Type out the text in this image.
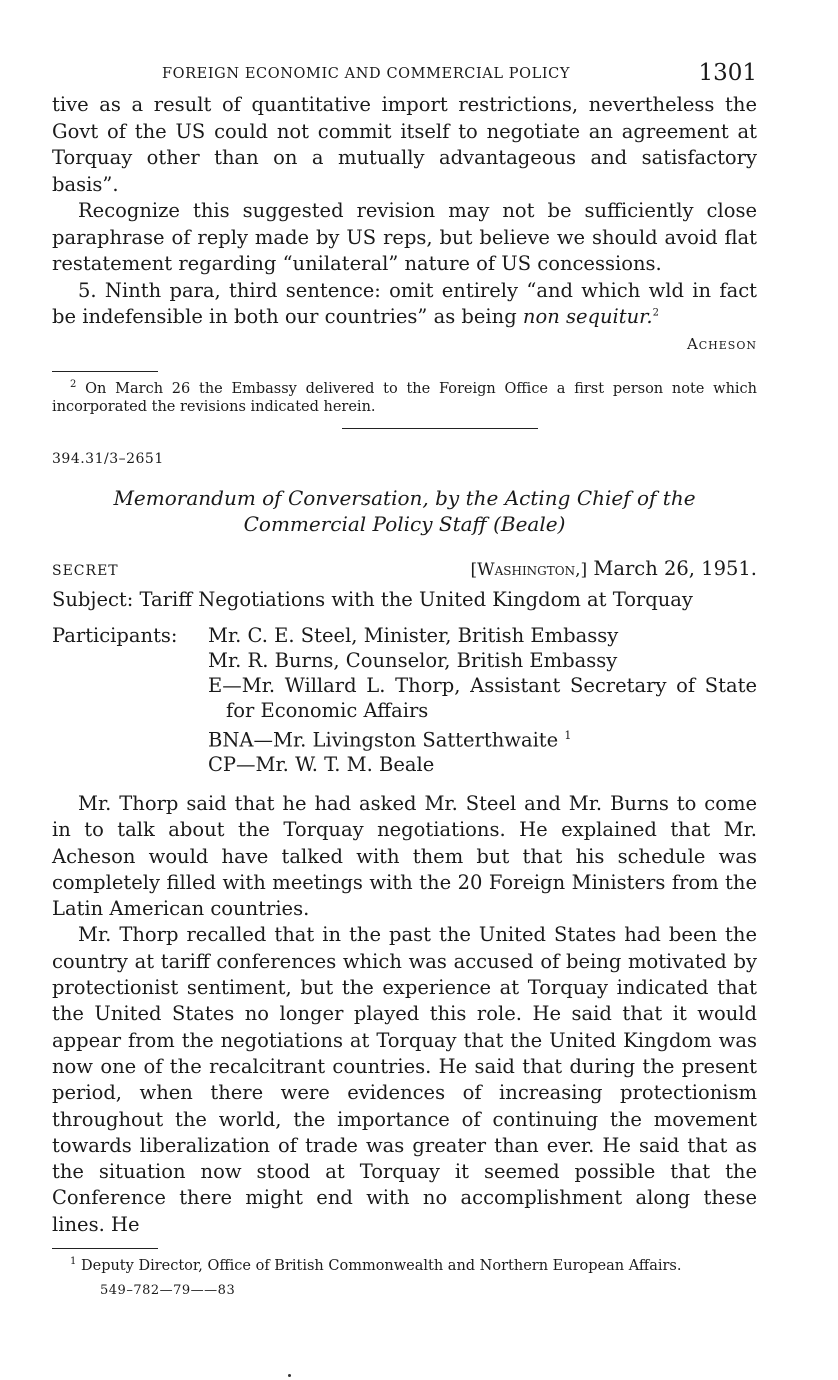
FOREIGN ECONOMIC AND COMMERCIAL POLICY	1301

tive as a result of quantitative import restrictions, nevertheless the Govt of the US could not commit itself to negotiate an agreement at Torquay other than on a mutually advantageous and satisfactory basis”.

Recognize this suggested revision may not be sufficiently close paraphrase of reply made by US reps, but believe we should avoid flat restatement regarding “unilateral” nature of US concessions.

5. Ninth para, third sentence: omit entirely “and which wld in fact be indefensible in both our countries” as being non sequitur.$^2$

Acheson
$^2$ On March 26 the Embassy delivered to the Foreign Office a first person note which incorporated the revisions indicated herein.
394.31/3–2651
Memorandum of Conversation, by the Acting Chief of the Commercial Policy Staff (Beale)
SECRET	[Washington,] March 26, 1951.
Subject: Tariff Negotiations with the United Kingdom at Torquay
Participants:	Mr. C. E. Steel, Minister, British Embassy
Mr. R. Burns, Counselor, British Embassy
E—Mr. Willard L. Thorp, Assistant Secretary of State for Economic Affairs
BNA—Mr. Livingston Satterthwaite $^1$
CP—Mr. W. T. M. Beale

Mr. Thorp said that he had asked Mr. Steel and Mr. Burns to come in to talk about the Torquay negotiations. He explained that Mr. Acheson would have talked with them but that his schedule was completely filled with meetings with the 20 Foreign Ministers from the Latin American countries.

Mr. Thorp recalled that in the past the United States had been the country at tariff conferences which was accused of being motivated by protectionist sentiment, but the experience at Torquay indicated that the United States no longer played this role. He said that it would appear from the negotiations at Torquay that the United Kingdom was now one of the recalcitrant countries. He said that during the present period, when there were evidences of increasing protectionism throughout the world, the importance of continuing the movement towards liberalization of trade was greater than ever. He said that as the situation now stood at Torquay it seemed possible that the Conference there might end with no accomplishment along these lines. He

$^1$ Deputy Director, Office of British Commonwealth and Northern European Affairs.
549–782—79——83
